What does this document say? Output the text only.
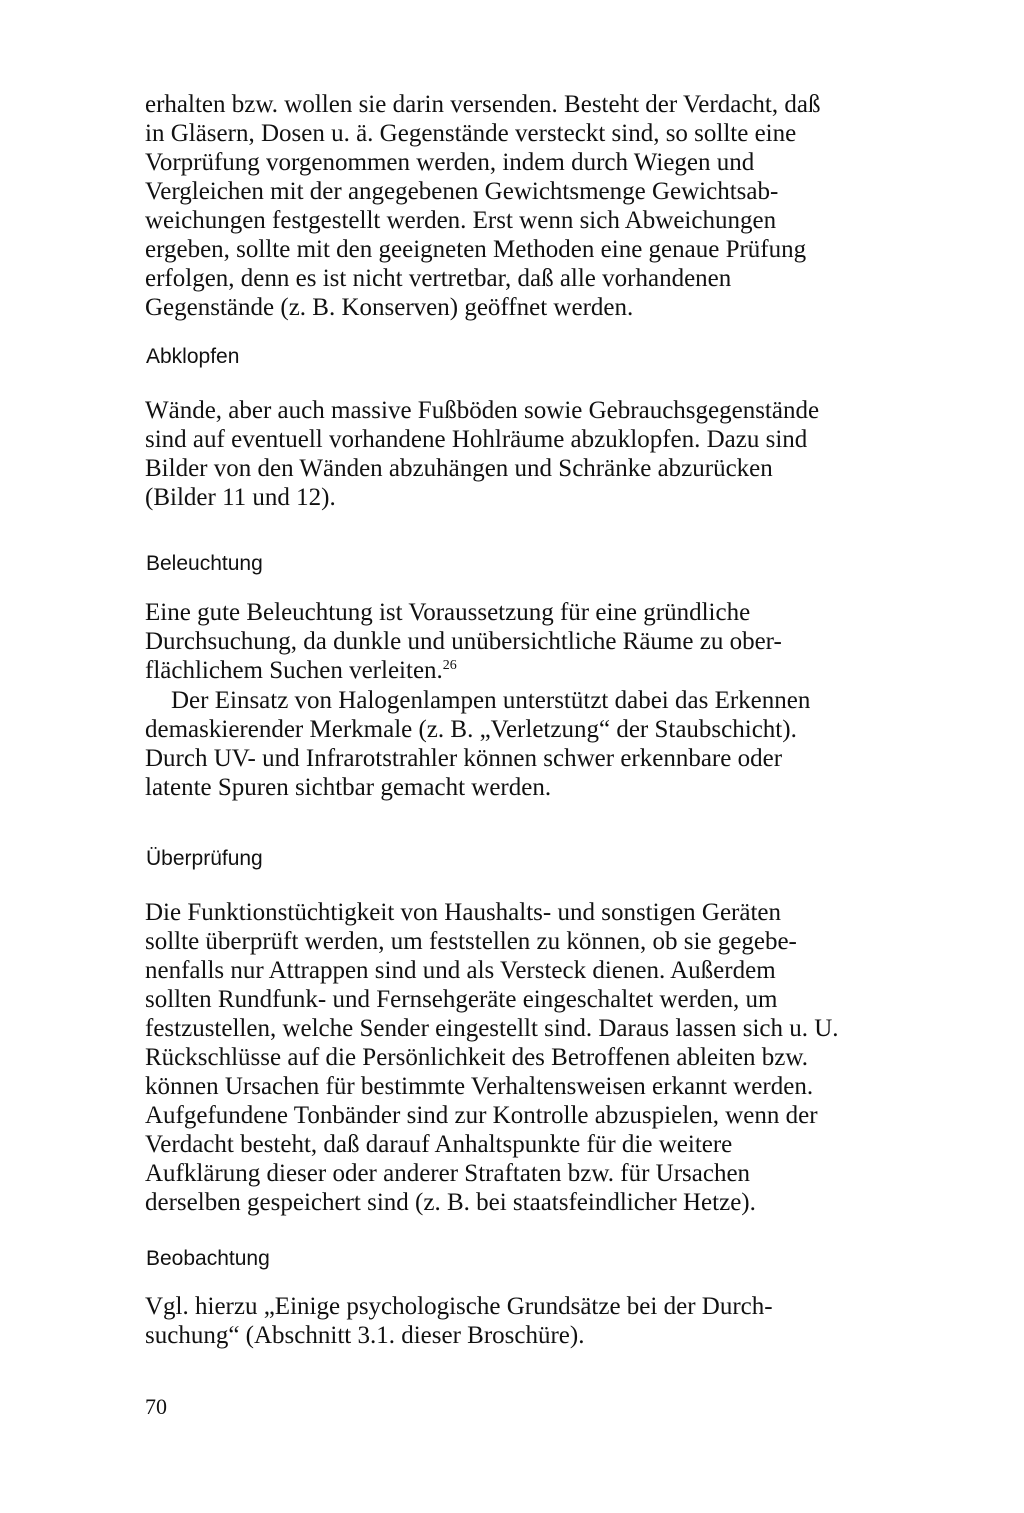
erhalten bzw. wollen sie darin versenden. Besteht der Verdacht, daß
in Gläsern, Dosen u. ä. Gegenstände versteckt sind, so sollte eine
Vorprüfung vorgenommen werden, indem durch Wiegen und
Vergleichen mit der angegebenen Gewichtsmenge Gewichtsab-
weichungen festgestellt werden. Erst wenn sich Abweichungen
ergeben, sollte mit den geeigneten Methoden eine genaue Prüfung
erfolgen, denn es ist nicht vertretbar, daß alle vorhandenen
Gegenstände (z. B. Konserven) geöffnet werden.

Abklopfen

Wände, aber auch massive Fußböden sowie Gebrauchsgegenstände
sind auf eventuell vorhandene Hohlräume abzuklopfen. Dazu sind
Bilder von den Wänden abzuhängen und Schränke abzurücken
(Bilder 11 und 12).

Beleuchtung

Eine gute Beleuchtung ist Voraussetzung für eine gründliche
Durchsuchung, da dunkle und unübersichtliche Räume zu ober-
flächlichem Suchen verleiten.$^{26}$

Der Einsatz von Halogenlampen unterstützt dabei das Erkennen
demaskierender Merkmale (z. B. „Verletzung“ der Staubschicht).
Durch UV- und Infrarotstrahler können schwer erkennbare oder
latente Spuren sichtbar gemacht werden.

Überprüfung

Die Funktionstüchtigkeit von Haushalts- und sonstigen Geräten
sollte überprüft werden, um feststellen zu können, ob sie gegebe-
nenfalls nur Attrappen sind und als Versteck dienen. Außerdem
sollten Rundfunk- und Fernsehgeräte eingeschaltet werden, um
festzustellen, welche Sender eingestellt sind. Daraus lassen sich u. U.
Rückschlüsse auf die Persönlichkeit des Betroffenen ableiten bzw.
können Ursachen für bestimmte Verhaltensweisen erkannt werden.
Aufgefundene Tonbänder sind zur Kontrolle abzuspielen, wenn der
Verdacht besteht, daß darauf Anhaltspunkte für die weitere
Aufklärung dieser oder anderer Straftaten bzw. für Ursachen
derselben gespeichert sind (z. B. bei staatsfeindlicher Hetze).

Beobachtung

Vgl. hierzu „Einige psychologische Grundsätze bei der Durch-
suchung“ (Abschnitt 3.1. dieser Broschüre).

70
